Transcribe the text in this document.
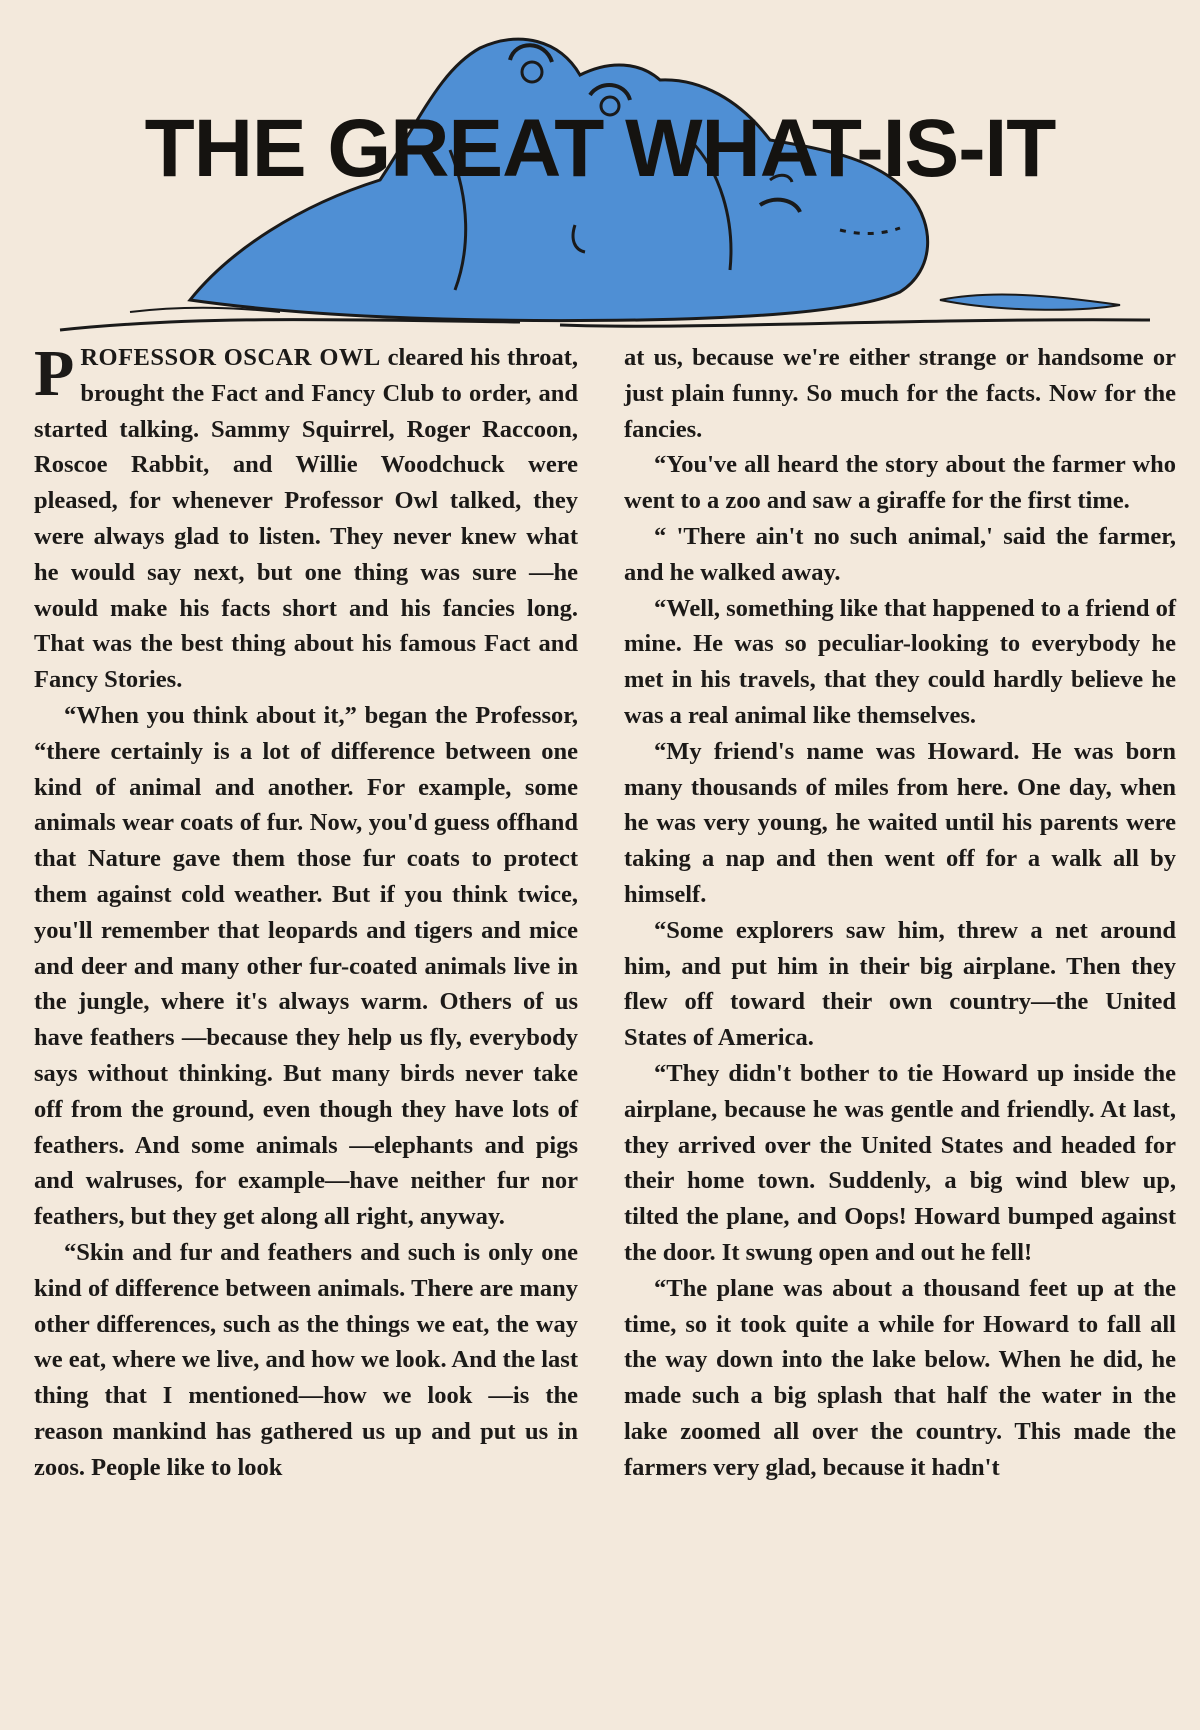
THE GREAT WHAT-IS-IT

PROFESSOR OSCAR OWL cleared his throat, brought the Fact and Fancy Club to order, and started talking. Sammy Squirrel, Roger Raccoon, Roscoe Rabbit, and Willie Woodchuck were pleased, for whenever Professor Owl talked, they were always glad to listen. They never knew what he would say next, but one thing was sure —he would make his facts short and his fancies long. That was the best thing about his famous Fact and Fancy Stories.

“When you think about it,” began the Professor, “there certainly is a lot of difference between one kind of animal and another. For example, some animals wear coats of fur. Now, you'd guess offhand that Nature gave them those fur coats to protect them against cold weather. But if you think twice, you'll remember that leopards and tigers and mice and deer and many other fur-coated animals live in the jungle, where it's always warm. Others of us have feathers —because they help us fly, everybody says without thinking. But many birds never take off from the ground, even though they have lots of feathers. And some animals —elephants and pigs and walruses, for example—have neither fur nor feathers, but they get along all right, anyway.

“Skin and fur and feathers and such is only one kind of difference between animals. There are many other differences, such as the things we eat, the way we eat, where we live, and how we look. And the last thing that I mentioned—how we look —is the reason mankind has gathered us up and put us in zoos. People like to look

at us, because we're either strange or handsome or just plain funny. So much for the facts. Now for the fancies.

“You've all heard the story about the farmer who went to a zoo and saw a giraffe for the first time.

“ 'There ain't no such animal,' said the farmer, and he walked away.

“Well, something like that happened to a friend of mine. He was so peculiar-looking to everybody he met in his travels, that they could hardly believe he was a real animal like themselves.

“My friend's name was Howard. He was born many thousands of miles from here. One day, when he was very young, he waited until his parents were taking a nap and then went off for a walk all by himself.

“Some explorers saw him, threw a net around him, and put him in their big airplane. Then they flew off toward their own country—the United States of America.

“They didn't bother to tie Howard up inside the airplane, because he was gentle and friendly. At last, they arrived over the United States and headed for their home town. Suddenly, a big wind blew up, tilted the plane, and Oops! Howard bumped against the door. It swung open and out he fell!

“The plane was about a thousand feet up at the time, so it took quite a while for Howard to fall all the way down into the lake below. When he did, he made such a big splash that half the water in the lake zoomed all over the country. This made the farmers very glad, because it hadn't
